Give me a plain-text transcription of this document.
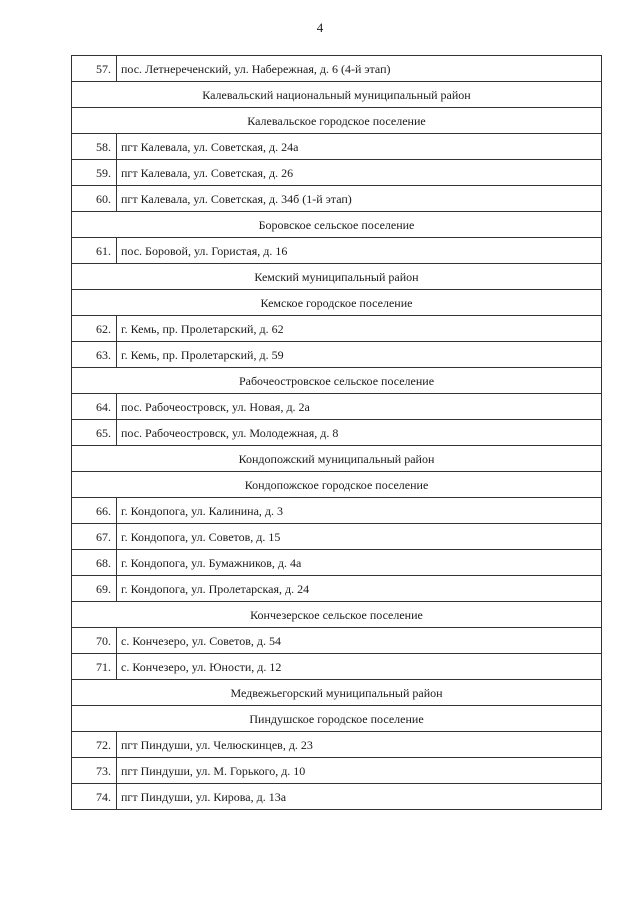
4
57.	пос. Летнереченский, ул. Набережная, д. 6 (4-й этап)
Калевальский национальный муниципальный район	
Калевальское городское поселение	
58.	пгт Калевала, ул. Советская, д. 24а
59.	пгт Калевала, ул. Советская, д. 26
60.	пгт Калевала, ул. Советская, д. 34б (1-й этап)
Боровское сельское поселение	
61.	пос. Боровой, ул. Гористая, д. 16
Кемский муниципальный район	
Кемское городское поселение	
62.	г. Кемь, пр. Пролетарский, д. 62
63.	г. Кемь, пр. Пролетарский, д. 59
Рабочеостровское сельское поселение	
64.	пос. Рабочеостровск, ул. Новая, д. 2а
65.	пос. Рабочеостровск, ул. Молодежная, д. 8
Кондопожский муниципальный район	
Кондопожское городское поселение	
66.	г. Кондопога, ул. Калинина, д. 3
67.	г. Кондопога, ул. Советов, д. 15
68.	г. Кондопога, ул. Бумажников, д. 4а
69.	г. Кондопога, ул. Пролетарская, д. 24
Кончезерское сельское поселение	
70.	с. Кончезеро, ул. Советов, д. 54
71.	с. Кончезеро, ул. Юности, д. 12
Медвежьегорский муниципальный район	
Пиндушское городское поселение	
72.	пгт Пиндуши, ул. Челюскинцев, д. 23
73.	пгт Пиндуши, ул. М. Горького, д. 10
74.	пгт Пиндуши, ул. Кирова, д. 13а
